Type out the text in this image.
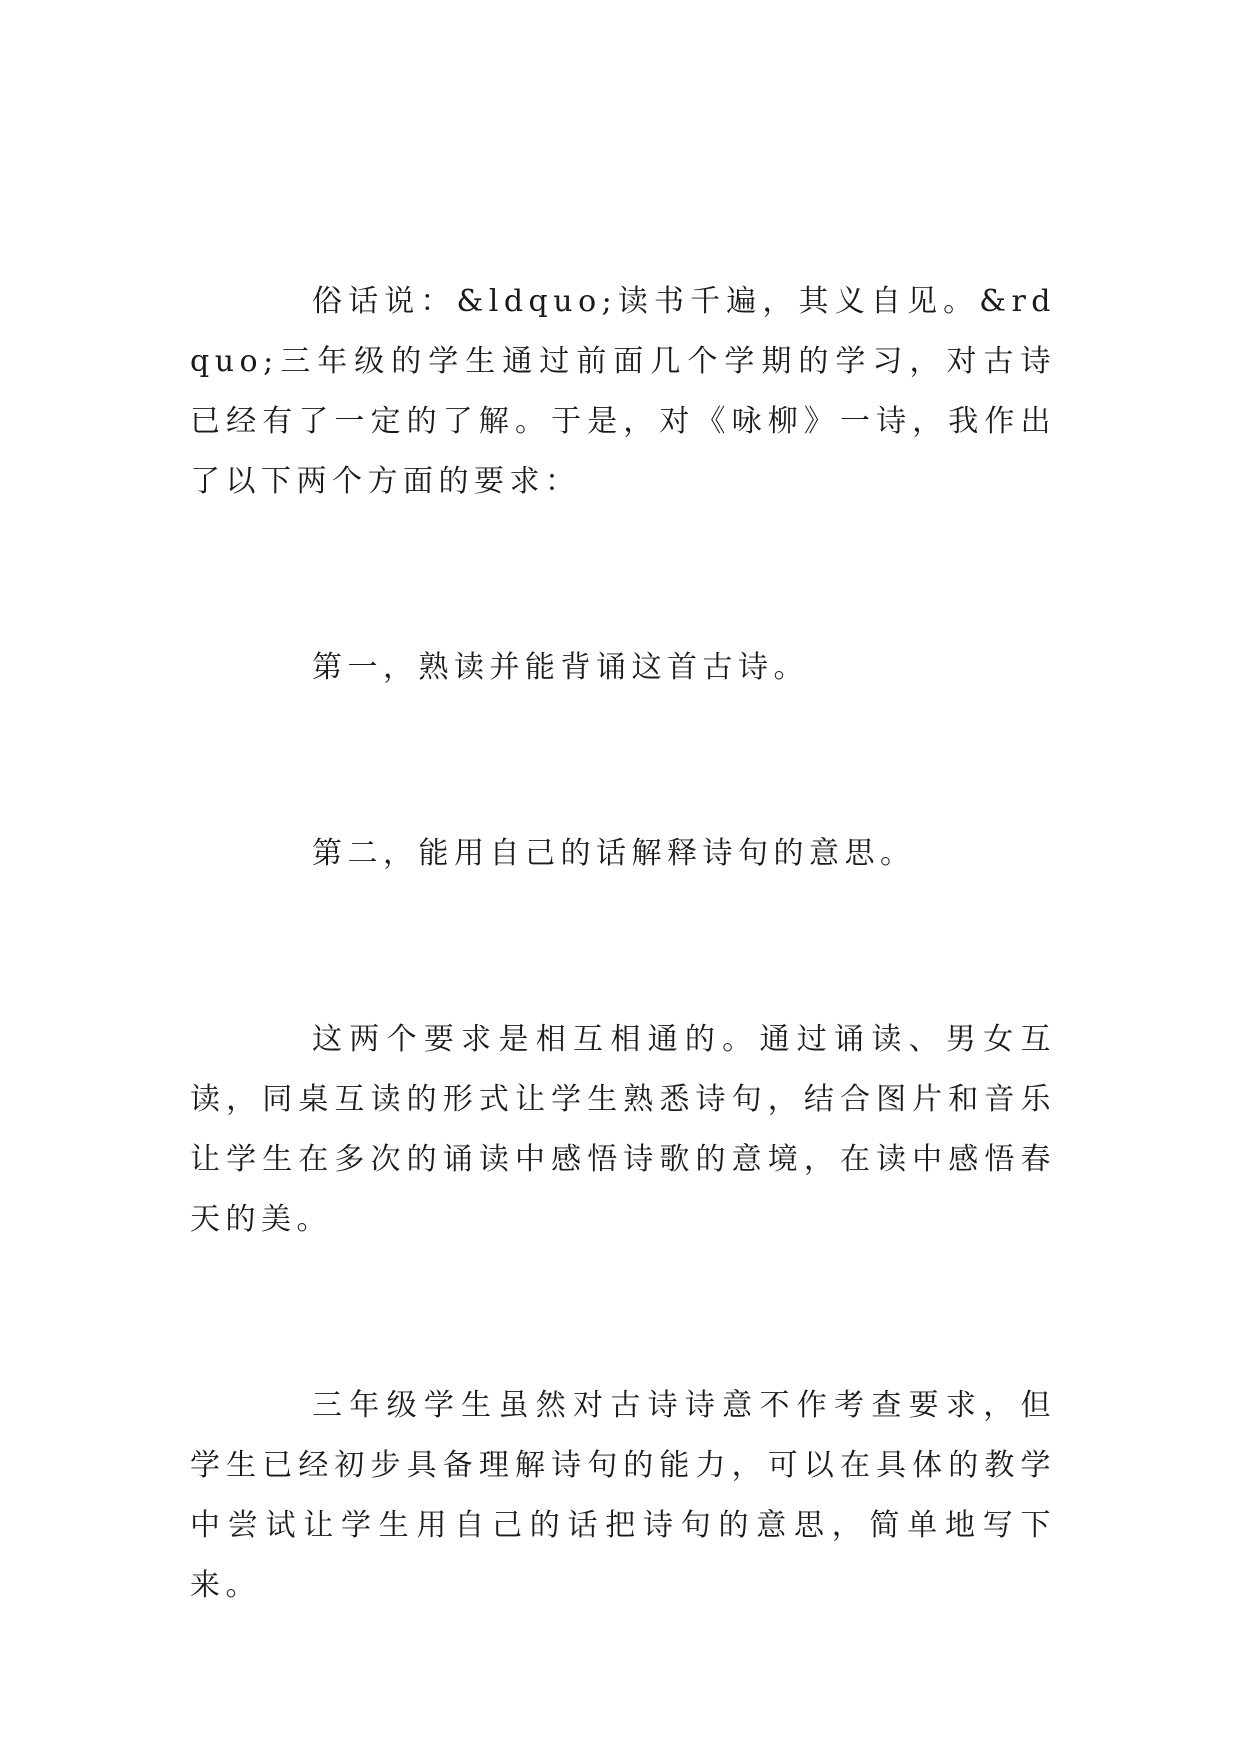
俗话说：&ldquo;读书千遍，其义自见。&rdquo;三年级的学生通过前面几个学期的学习，对古诗已经有了一定的了解。于是，对《咏柳》一诗，我作出了以下两个方面的要求：

第一，熟读并能背诵这首古诗。

第二，能用自己的话解释诗句的意思。

这两个要求是相互相通的。通过诵读、男女互读，同桌互读的形式让学生熟悉诗句，结合图片和音乐让学生在多次的诵读中感悟诗歌的意境，在读中感悟春天的美。

三年级学生虽然对古诗诗意不作考查要求，但学生已经初步具备理解诗句的能力，可以在具体的教学中尝试让学生用自己的话把诗句的意思，简单地写下来。
